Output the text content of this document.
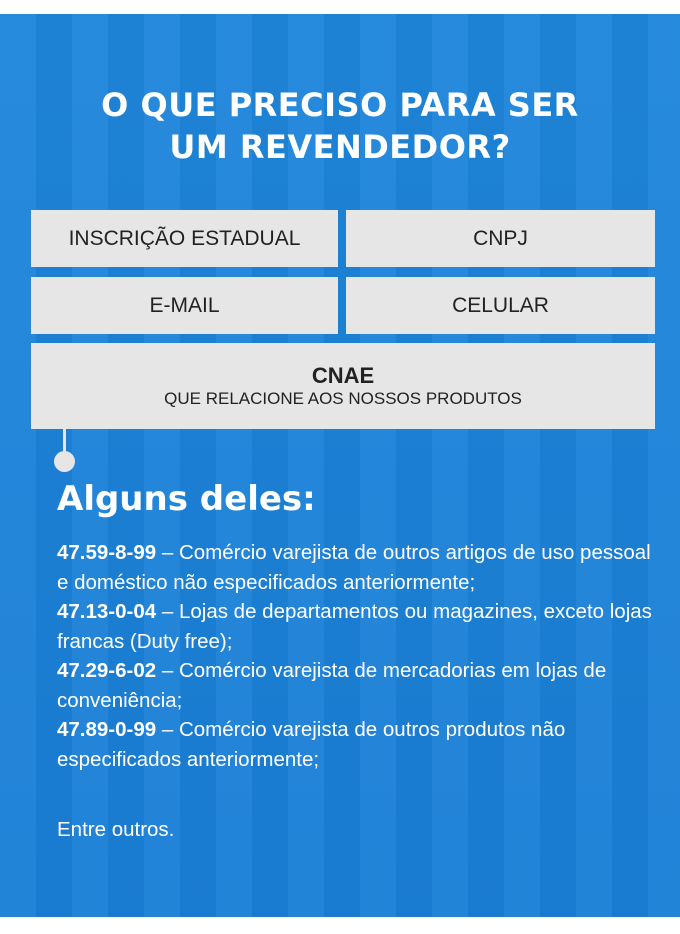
O QUE PRECISO PARA SER
UM REVENDEDOR?
INSCRIÇÃO ESTADUAL	CNPJ
E-MAIL	CELULAR
CNAE
QUE RELACIONE AOS NOSSOS PRODUTOS
Alguns deles:
47.59-8-99 – Comércio varejista de outros artigos de uso pessoal e doméstico não especificados anteriormente;
47.13-0-04 – Lojas de departamentos ou magazines, exceto lojas francas (Duty free);
47.29-6-02 – Comércio varejista de mercadorias em lojas de conveniência;
47.89-0-99 – Comércio varejista de outros produtos não especificados anteriormente;

Entre outros.
